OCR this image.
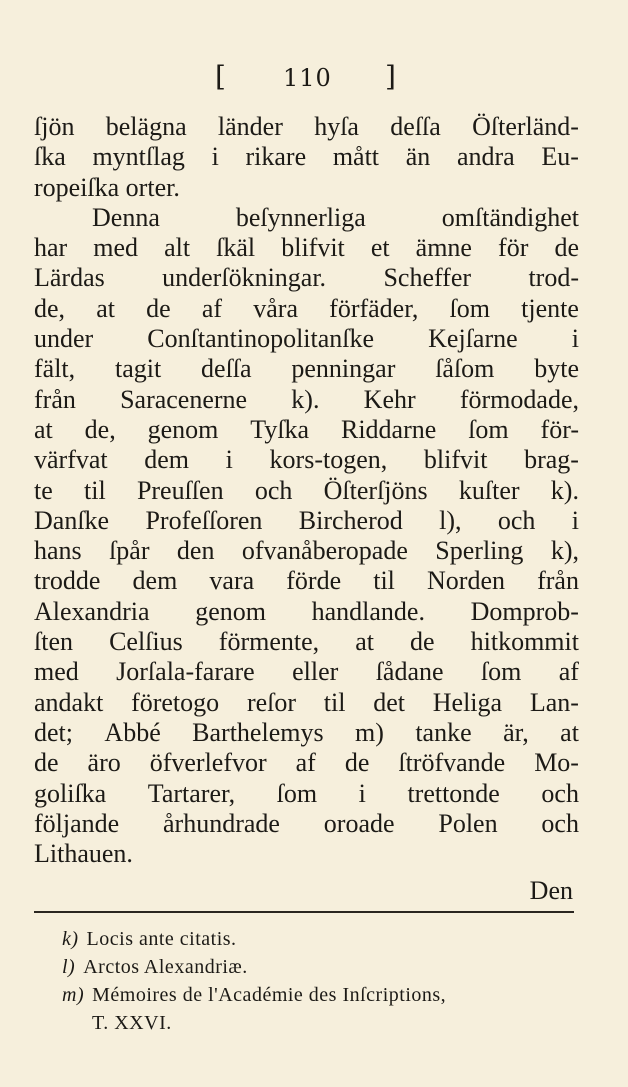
[ 110 ]
ſjön belägna länder hyſa deſſa Öſterländ-
ſka myntſlag i rikare mått än andra Eu-
ropeiſka orter.
Denna	beſynnerliga	omſtändighet
har med alt ſkäl blifvit et ämne för de
Lärdas underſökningar. Scheffer trod-
de, at de af våra förfäder, ſom tjente
under Conſtantinopolitanſke Kejſarne i
fält, tagit deſſa penningar ſåſom byte
från Saracenerne k). Kehr förmodade,
at de, genom Tyſka Riddarne ſom för-
värfvat dem i kors-togen, blifvit brag-
te til Preuſſen och Öſterſjöns kuſter k).
Danſke Profeſſoren Bircherod l), och i
hans ſpår den ofvanåberopade Sperling k),
trodde dem vara förde til Norden från
Alexandria genom handlande. Domprob-
ſten Celſius förmente, at de hitkommit
med Jorſala-farare eller ſådane ſom af
andakt företogo reſor til det Heliga Lan-
det; Abbé Barthelemys m) tanke är, at
de äro öfverlefvor af de ſtröfvande Mo-
goliſka Tartarer, ſom i trettonde och
följande århundrade oroade Polen och
Lithauen.
Den
k) Locis ante citatis.
l) Arctos Alexandriæ.
m) Mémoires de l'Académie des Inſcriptions,
T. XXVI.
